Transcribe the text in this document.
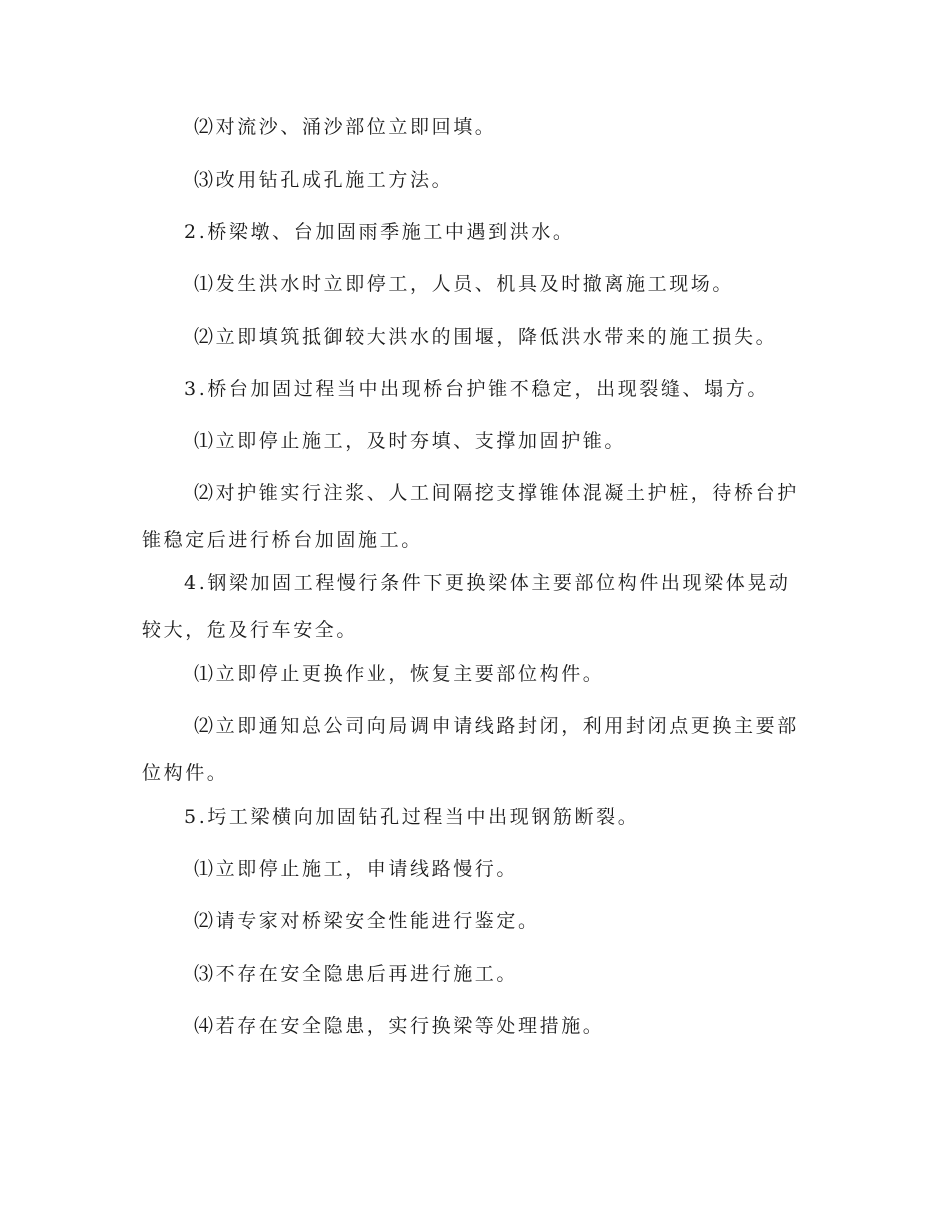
⑵对流沙、涌沙部位立即回填。

⑶改用钻孔成孔施工方法。

2.桥梁墩、台加固雨季施工中遇到洪水。

⑴发生洪水时立即停工，人员、机具及时撤离施工现场。

⑵立即填筑抵御较大洪水的围堰，降低洪水带来的施工损失。

3.桥台加固过程当中出现桥台护锥不稳定，出现裂缝、塌方。

⑴立即停止施工，及时夯填、支撑加固护锥。

⑵对护锥实行注浆、人工间隔挖支撑锥体混凝土护桩，待桥台护锥稳定后进行桥台加固施工。

4.钢梁加固工程慢行条件下更换梁体主要部位构件出现梁体晃动较大，危及行车安全。

⑴立即停止更换作业，恢复主要部位构件。

⑵立即通知总公司向局调申请线路封闭，利用封闭点更换主要部位构件。

5.圬工梁横向加固钻孔过程当中出现钢筋断裂。

⑴立即停止施工，申请线路慢行。

⑵请专家对桥梁安全性能进行鉴定。

⑶不存在安全隐患后再进行施工。

⑷若存在安全隐患，实行换梁等处理措施。
